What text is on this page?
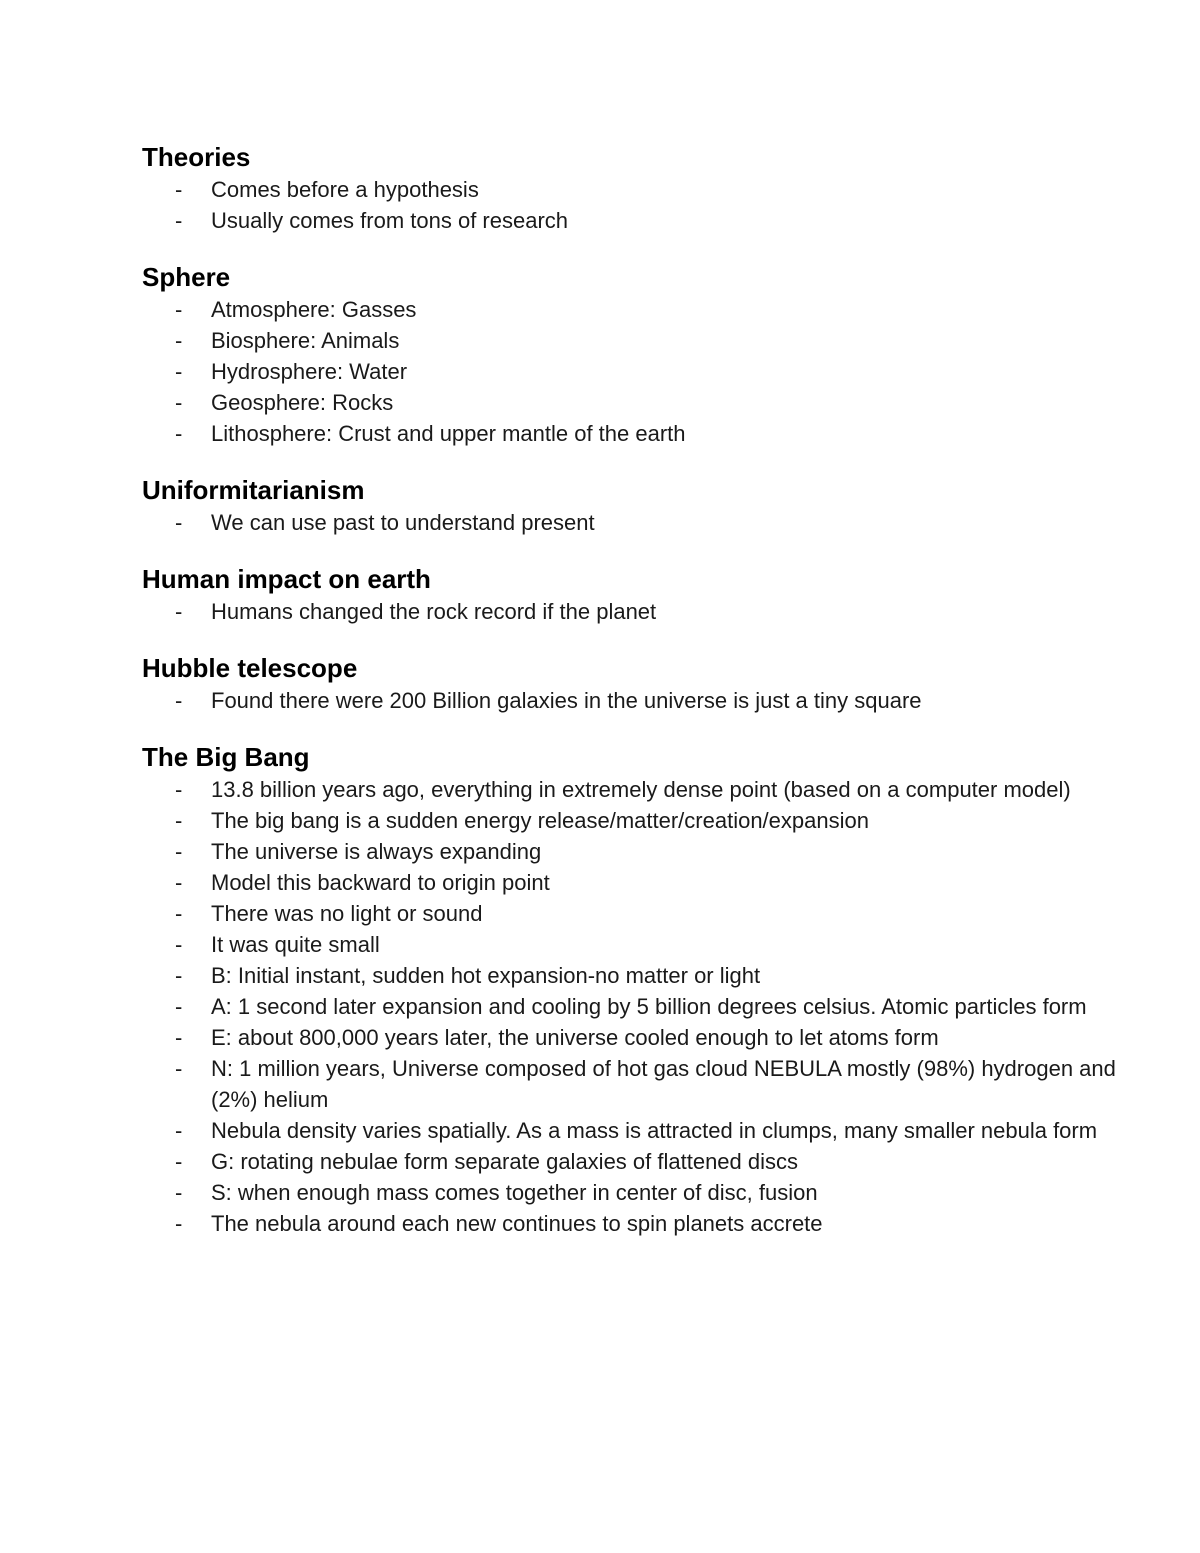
Theories
- Comes before a hypothesis
- Usually comes from tons of research
Sphere
- Atmosphere: Gasses
- Biosphere: Animals
- Hydrosphere: Water
- Geosphere: Rocks
- Lithosphere: Crust and upper mantle of the earth
Uniformitarianism
- We can use past to understand present
Human impact on earth
- Humans changed the rock record if the planet
Hubble telescope
- Found there were 200 Billion galaxies in the universe is just a tiny square
The Big Bang
- 13.8 billion years ago, everything in extremely dense point (based on a computer model)
- The big bang is a sudden energy release/matter/creation/expansion
- The universe is always expanding
- Model this backward to origin point
- There was no light or sound
- It was quite small
- B: Initial instant, sudden hot expansion-no matter or light
- A: 1 second later expansion and cooling by 5 billion degrees celsius. Atomic particles form
- E: about 800,000 years later, the universe cooled enough to let atoms form
- N: 1 million years, Universe composed of hot gas cloud NEBULA mostly (98%) hydrogen and (2%) helium
- Nebula density varies spatially. As a mass is attracted in clumps, many smaller nebula form
- G: rotating nebulae form separate galaxies of flattened discs
- S: when enough mass comes together in center of disc, fusion
- The nebula around each new continues to spin planets accrete
